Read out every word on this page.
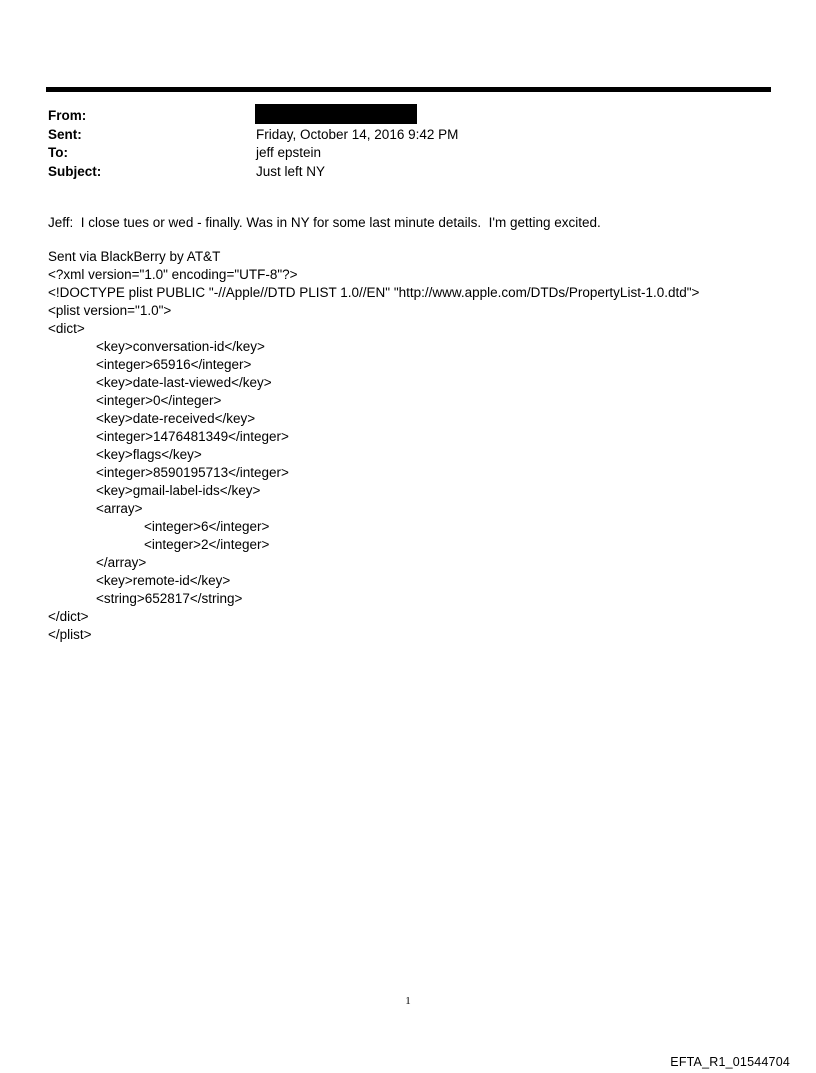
From:
Sent:	Friday, October 14, 2016 9:42 PM
To:	jeff epstein
Subject:	Just left NY
Jeff:  I close tues or wed - finally. Was in NY for some last minute details.  I'm getting excited.
Sent via BlackBerry by AT&T
<?xml version="1.0" encoding="UTF-8"?>
<!DOCTYPE plist PUBLIC "-//Apple//DTD PLIST 1.0//EN" "http://www.apple.com/DTDs/PropertyList-1.0.dtd">
<plist version="1.0">
<dict>
<key>conversation-id</key>
<integer>65916</integer>
<key>date-last-viewed</key>
<integer>0</integer>
<key>date-received</key>
<integer>1476481349</integer>
<key>flags</key>
<integer>8590195713</integer>
<key>gmail-label-ids</key>
<array>
<integer>6</integer>
<integer>2</integer>
</array>
<key>remote-id</key>
<string>652817</string>
</dict>
</plist>
1
EFTA_R1_01544704
